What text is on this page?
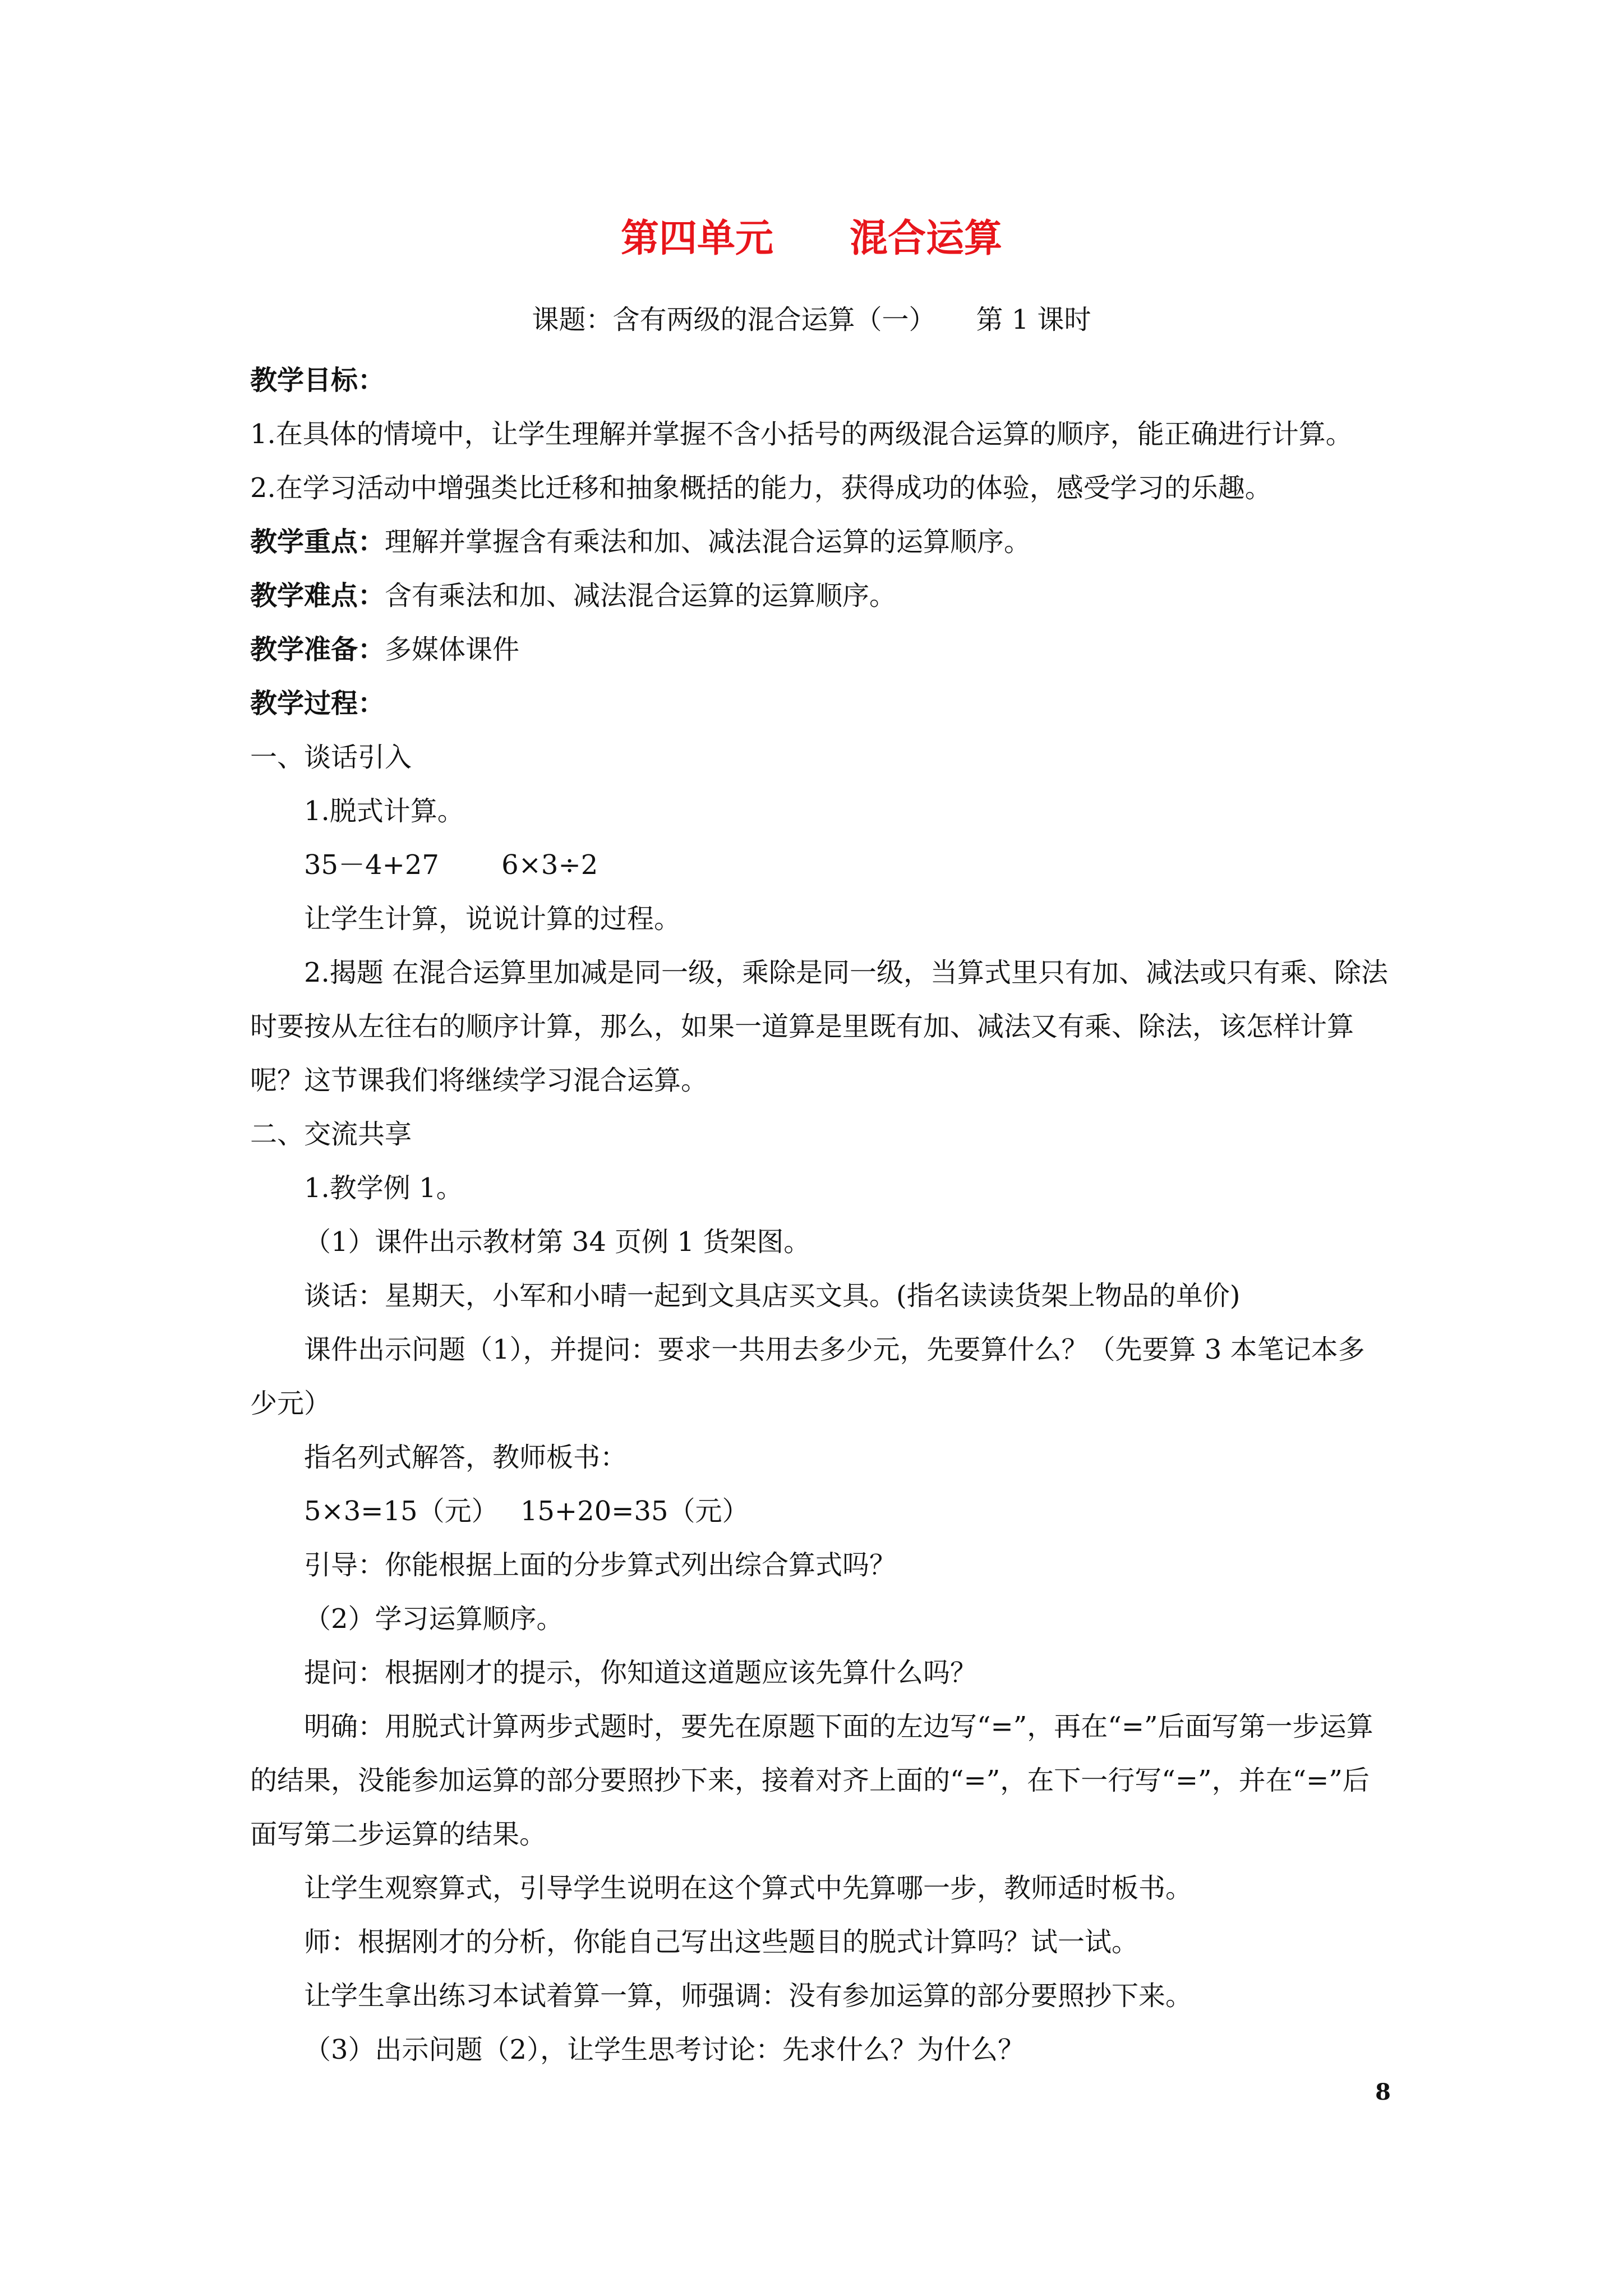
第四单元　　混合运算
课题：含有两级的混合运算（一）　　第 1 课时

教学目标：

1.在具体的情境中，让学生理解并掌握不含小括号的两级混合运算的顺序，能正确进行计算。

2.在学习活动中增强类比迁移和抽象概括的能力，获得成功的体验，感受学习的乐趣。

教学重点：理解并掌握含有乘法和加、减法混合运算的运算顺序。

教学难点：含有乘法和加、减法混合运算的运算顺序。

教学准备：多媒体课件

教学过程：

一、谈话引入

1.脱式计算。

35－4+27　　 6×3÷2

让学生计算，说说计算的过程。

2.揭题 在混合运算里加减是同一级，乘除是同一级，当算式里只有加、减法或只有乘、除法时要按从左往右的顺序计算，那么，如果一道算是里既有加、减法又有乘、除法，该怎样计算呢？这节课我们将继续学习混合运算。

二、交流共享

1.教学例 1。

（1）课件出示教材第 34 页例 1 货架图。

谈话：星期天，小军和小晴一起到文具店买文具。(指名读读货架上物品的单价)

课件出示问题（1），并提问：要求一共用去多少元，先要算什么？（先要算 3 本笔记本多少元）

指名列式解答，教师板书：

5×3=15（元）　 15+20=35（元）

引导：你能根据上面的分步算式列出综合算式吗？

（2）学习运算顺序。

提问：根据刚才的提示，你知道这道题应该先算什么吗？

明确：用脱式计算两步式题时，要先在原题下面的左边写“=”，再在“=”后面写第一步运算的结果，没能参加运算的部分要照抄下来，接着对齐上面的“=”，在下一行写“=”，并在“=”后面写第二步运算的结果。

让学生观察算式，引导学生说明在这个算式中先算哪一步，教师适时板书。

师：根据刚才的分析，你能自己写出这些题目的脱式计算吗？试一试。

让学生拿出练习本试着算一算，师强调：没有参加运算的部分要照抄下来。

（3）出示问题（2），让学生思考讨论：先求什么？为什么？

8
